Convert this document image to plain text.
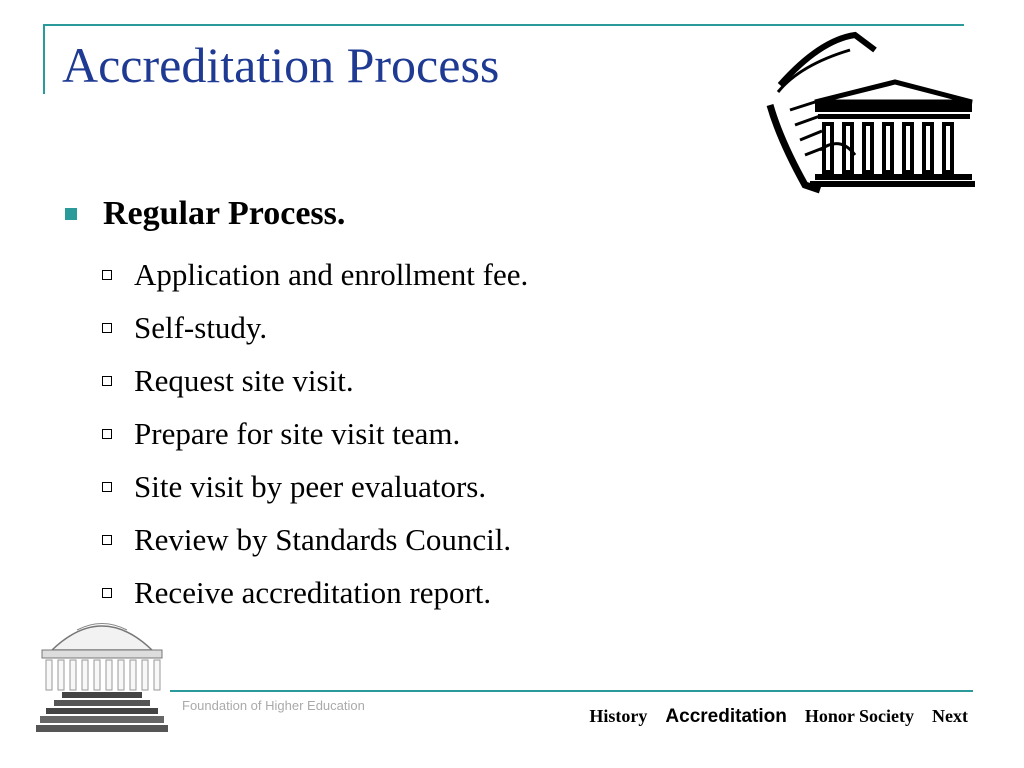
Accreditation Process
Regular Process.
Application and enrollment fee.
Self-study.
Request site visit.
Prepare for site visit team.
Site visit by peer evaluators.
Review by Standards Council.
Receive accreditation report.
Foundation of Higher Education
History Accreditation Honor Society Next
